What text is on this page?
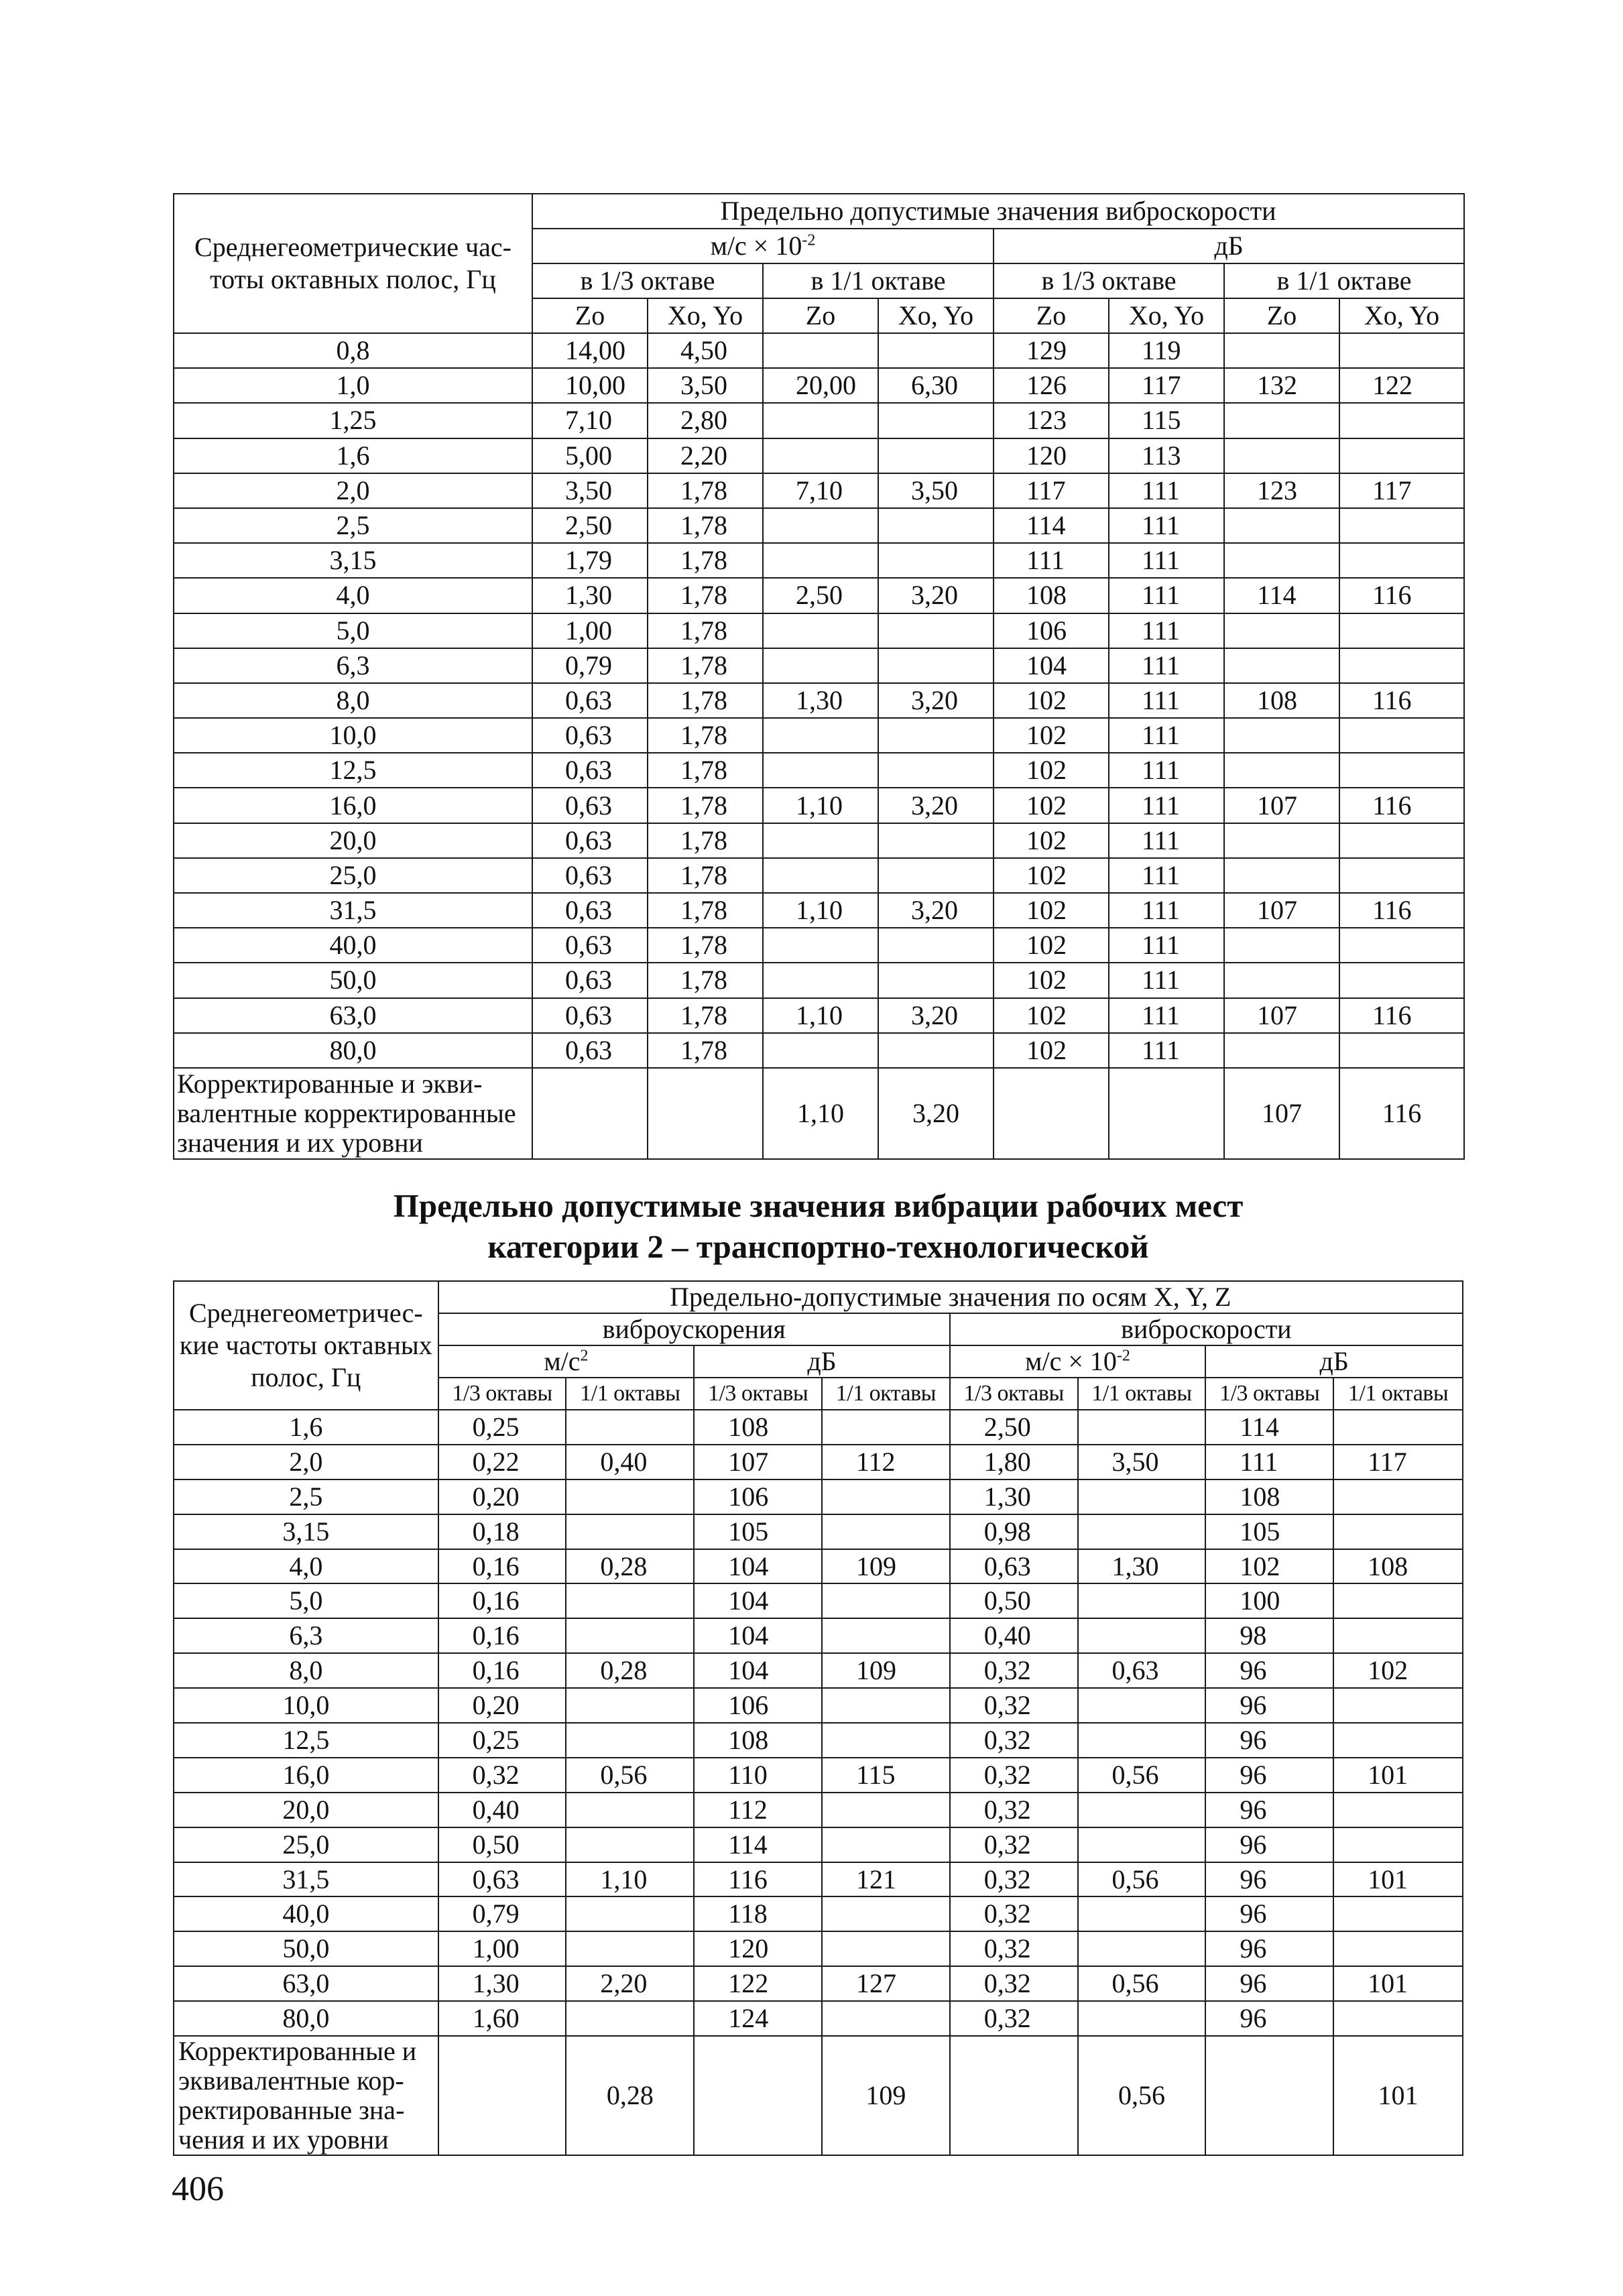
Среднегеометрические частоты октавных полос, Гц	Предельно допустимые значения виброскорости							
	$м/с \times 10^{-2}$				дБ			
	в 1/3 октаве		в 1/1 октаве		в 1/3 октаве		в 1/1 октаве	
	Zo	Xo, Yo	Zo	Xo, Yo	Zo	Xo, Yo	Zo	Xo, Yo
0,8	14,00	4,50			129	119		
1,0	10,00	3,50	20,00	6,30	126	117	132	122
1,25	7,10	2,80			123	115		
1,6	5,00	2,20			120	113		
2,0	3,50	1,78	7,10	3,50	117	111	123	117
2,5	2,50	1,78			114	111		
3,15	1,79	1,78			111	111		
4,0	1,30	1,78	2,50	3,20	108	111	114	116
5,0	1,00	1,78			106	111		
6,3	0,79	1,78			104	111		
8,0	0,63	1,78	1,30	3,20	102	111	108	116
10,0	0,63	1,78			102	111		
12,5	0,63	1,78			102	111		
16,0	0,63	1,78	1,10	3,20	102	111	107	116
20,0	0,63	1,78			102	111		
25,0	0,63	1,78			102	111		
31,5	0,63	1,78	1,10	3,20	102	111	107	116
40,0	0,63	1,78			102	111		
50,0	0,63	1,78			102	111		
63,0	0,63	1,78	1,10	3,20	102	111	107	116
80,0	0,63	1,78			102	111		
Корректированные и эквивалентные корректированные значения и их уровни			1,10	3,20			107	116
Предельно допустимые значения вибрации рабочих мест
категории 2 – транспортно-технологической
Среднегеометрические частоты октавных полос, Гц	Предельно-допустимые значения по осям X, Y, Z							
	виброускорения				виброскорости			
	$м/с^2$		дБ		$м/с \times 10^{-2}$		дБ	
	1/3 октавы	1/1 октавы	1/3 октавы	1/1 октавы	1/3 октавы	1/1 октавы	1/3 октавы	1/1 октавы
1,6	0,25		108		2,50		114	
2,0	0,22	0,40	107	112	1,80	3,50	111	117
2,5	0,20		106		1,30		108	
3,15	0,18		105		0,98		105	
4,0	0,16	0,28	104	109	0,63	1,30	102	108
5,0	0,16		104		0,50		100	
6,3	0,16		104		0,40		98	
8,0	0,16	0,28	104	109	0,32	0,63	96	102
10,0	0,20		106		0,32		96	
12,5	0,25		108		0,32		96	
16,0	0,32	0,56	110	115	0,32	0,56	96	101
20,0	0,40		112		0,32		96	
25,0	0,50		114		0,32		96	
31,5	0,63	1,10	116	121	0,32	0,56	96	101
40,0	0,79		118		0,32		96	
50,0	1,00		120		0,32		96	
63,0	1,30	2,20	122	127	0,32	0,56	96	101
80,0	1,60		124		0,32		96	
Корректированные и эквивалентные корректированные значения и их уровни		0,28		109		0,56		101
406
